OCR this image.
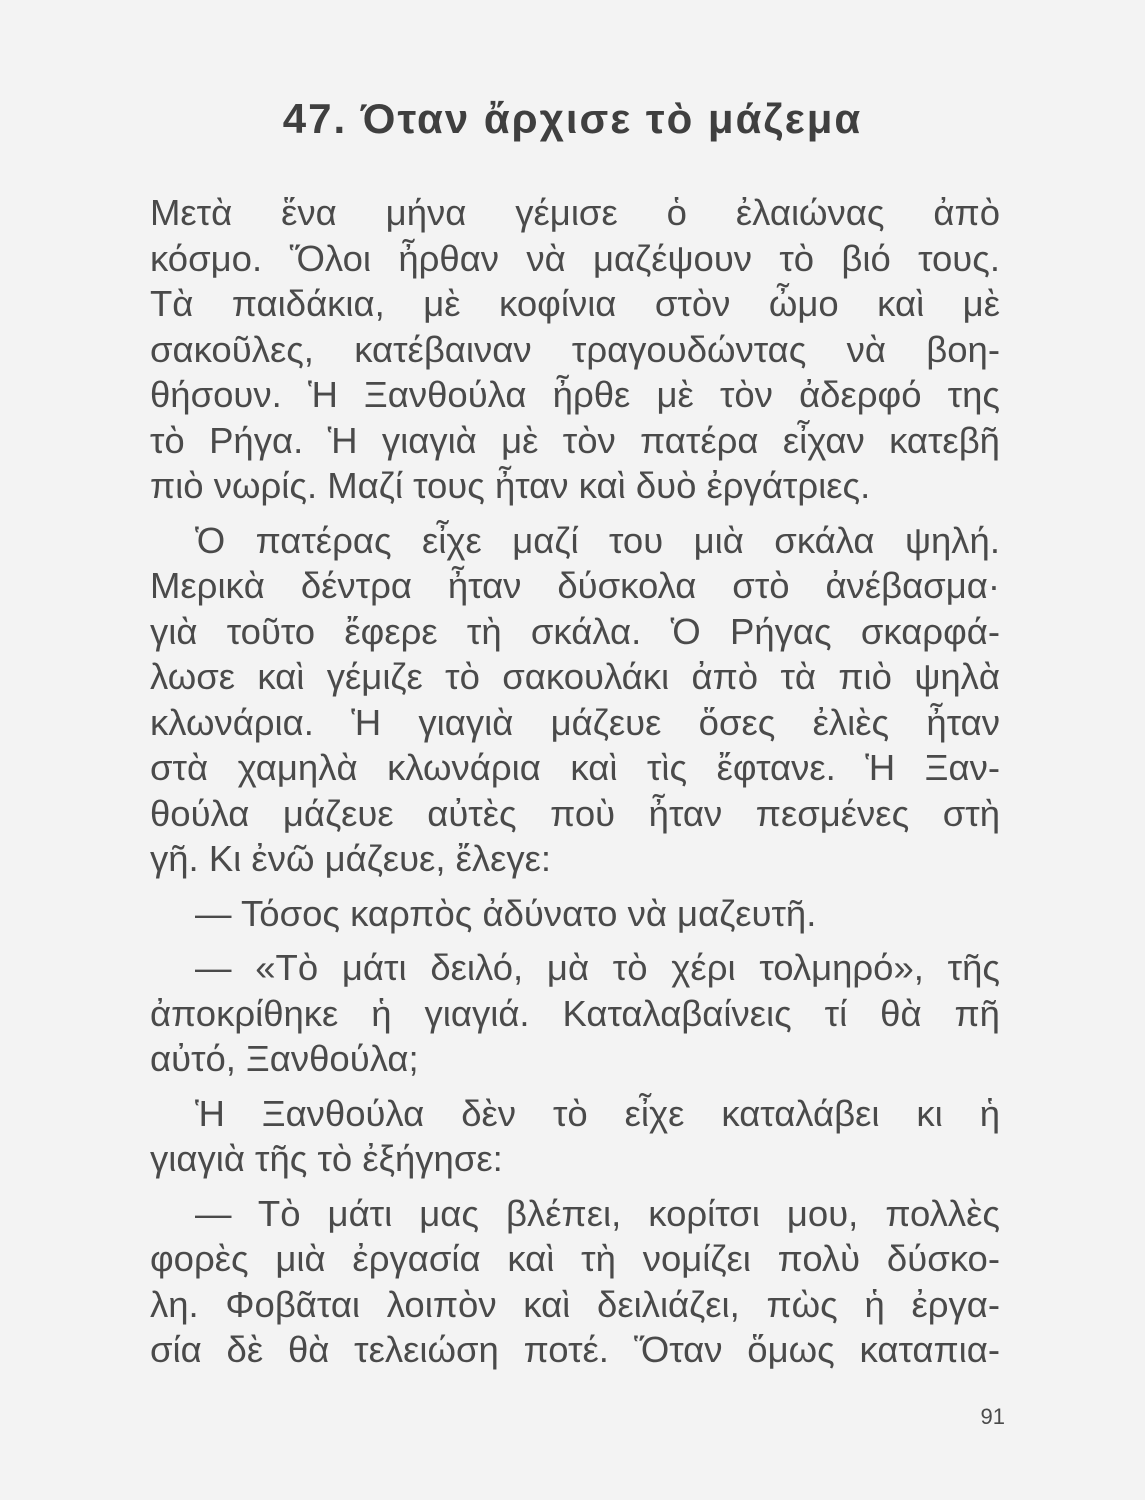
47. Όταν ἄρχισε τὸ μάζεμα
Μετὰ ἕνα μήνα γέμισε ὁ ἐλαιώνας ἀπὸ
κόσμο. Ὅλοι ἦρθαν νὰ μαζέψουν τὸ βιό τους.
Τὰ παιδάκια, μὲ κοφίνια στὸν ὦμο καὶ μὲ
σακοῦλες, κατέβαιναν τραγουδώντας νὰ βοη-
θήσουν. Ἡ Ξανθούλα ἦρθε μὲ τὸν ἀδερφό της
τὸ Ρήγα. Ἡ γιαγιὰ μὲ τὸν πατέρα εἶχαν κατεβῆ
πιὸ νωρίς. Μαζί τους ἦταν καὶ δυὸ ἐργάτριες.
Ὁ πατέρας εἶχε μαζί του μιὰ σκάλα ψηλή.
Μερικὰ δέντρα ἦταν δύσκολα στὸ ἀνέβασμα·
γιὰ τοῦτο ἔφερε τὴ σκάλα. Ὁ Ρήγας σκαρφά-
λωσε καὶ γέμιζε τὸ σακουλάκι ἀπὸ τὰ πιὸ ψηλὰ
κλωνάρια. Ἡ γιαγιὰ μάζευε ὅσες ἐλιὲς ἦταν
στὰ χαμηλὰ κλωνάρια καὶ τὶς ἔφτανε. Ἡ Ξαν-
θούλα μάζευε αὐτὲς ποὺ ἦταν πεσμένες στὴ
γῆ. Κι ἐνῶ μάζευε, ἔλεγε:
— Τόσος καρπὸς ἀδύνατο νὰ μαζευτῆ.
— «Τὸ μάτι δειλό, μὰ τὸ χέρι τολμηρό», τῆς
ἀποκρίθηκε ἡ γιαγιά. Καταλαβαίνεις τί θὰ πῆ
αὐτό, Ξανθούλα;
Ἡ Ξανθούλα δὲν τὸ εἶχε καταλάβει κι ἡ
γιαγιὰ τῆς τὸ ἐξήγησε:
— Τὸ μάτι μας βλέπει, κορίτσι μου, πολλὲς
φορὲς μιὰ ἐργασία καὶ τὴ νομίζει πολὺ δύσκο-
λη. Φοβᾶται λοιπὸν καὶ δειλιάζει, πὼς ἡ ἐργα-
σία δὲ θὰ τελειώση ποτέ. Ὅταν ὅμως καταπια-
91
